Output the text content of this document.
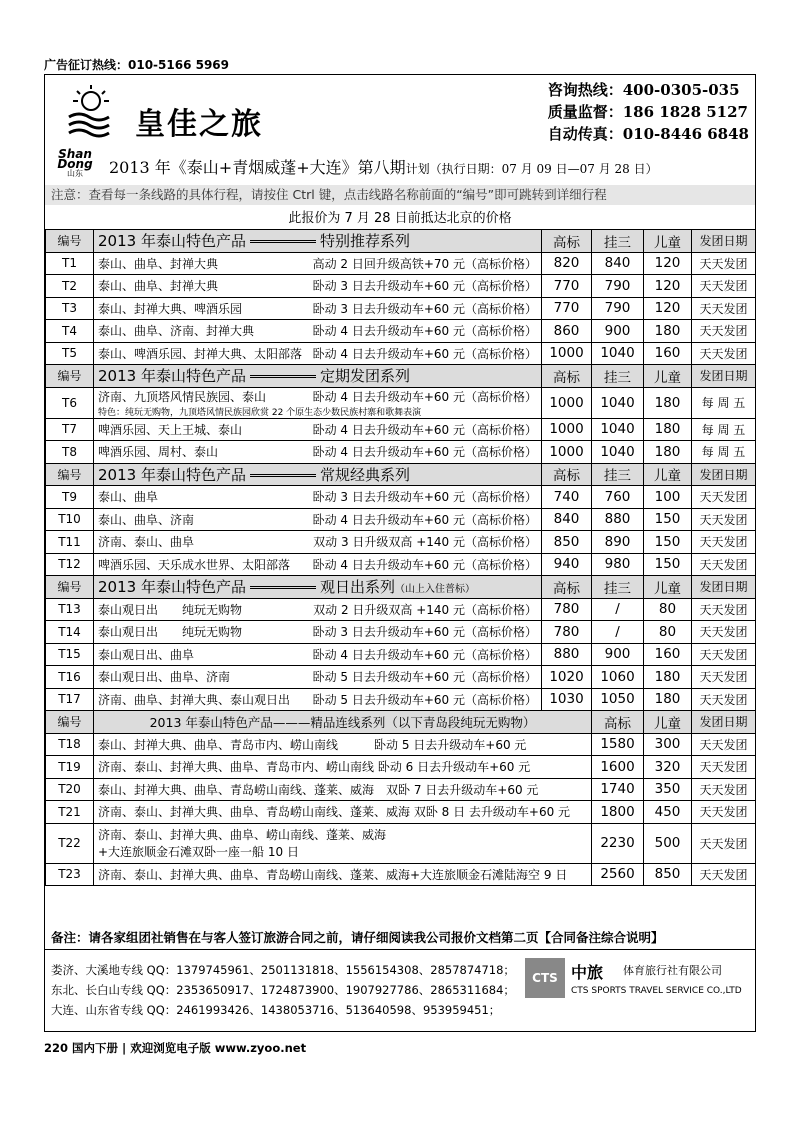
广告征订热线：010-5166 5969
皇佳之旅
咨询热线：400-0305-035
质量监督：186 1828 5127
自动传真：010-8446 6848
Shan
Dong
山东	2013 年《泰山+青烟威蓬+大连》第八期计划（执行日期：07 月 09 日—07 月 28 日）
注意：查看每一条线路的具体行程，请按住 Ctrl 键，点击线路名称前面的“编号”即可跳转到详细行程
此报价为 7 月 28 日前抵达北京的价格
编号	2013 年泰山特色产品 特别推荐系列	高标	挂三	儿童	发团日期
T1	泰山、曲阜、封禅大典 高动 2 日回升级高铁+70 元（高标价格）	820	840	120	天天发团
T2	泰山、曲阜、封禅大典 卧动 3 日去升级动车+60 元（高标价格）	770	790	120	天天发团
T3	泰山、封禅大典、啤酒乐园 卧动 3 日去升级动车+60 元（高标价格）	770	790	120	天天发团
T4	泰山、曲阜、济南、封禅大典 卧动 4 日去升级动车+60 元（高标价格）	860	900	180	天天发团
T5	泰山、啤酒乐园、封禅大典、太阳部落 卧动 4 日去升级动车+60 元（高标价格）	1000	1040	160	天天发团
编号	2013 年泰山特色产品 定期发团系列	高标	挂三	儿童	发团日期
T6	济南、九顶塔风情民族园、泰山 卧动 4 日去升级动车+60 元（高标价格）
特色：纯玩无购物，九顶塔风情民族园欣赏 22 个原生态少数民族村寨和歌舞表演	1000	1040	180	每 周 五
T7	啤酒乐园、天上王城、泰山 卧动 4 日去升级动车+60 元（高标价格）	1000	1040	180	每 周 五
T8	啤酒乐园、周村、泰山 卧动 4 日去升级动车+60 元（高标价格）	1000	1040	180	每 周 五
编号	2013 年泰山特色产品 常规经典系列	高标	挂三	儿童	发团日期
T9	泰山、曲阜 卧动 3 日去升级动车+60 元（高标价格）	740	760	100	天天发团
T10	泰山、曲阜、济南 卧动 4 日去升级动车+60 元（高标价格）	840	880	150	天天发团
T11	济南、泰山、曲阜 双动 3 日升级双高 +140 元（高标价格）	850	890	150	天天发团
T12	啤酒乐园、天乐成水世界、太阳部落 卧动 4 日去升级动车+60 元（高标价格）	940	980	150	天天发团
编号	2013 年泰山特色产品 观日出系列（山上入住普标）	高标	挂三	儿童	发团日期
T13	泰山观日出　　纯玩无购物 双动 2 日升级双高 +140 元（高标价格）	780	/	80	天天发团
T14	泰山观日出　　纯玩无购物 卧动 3 日去升级动车+60 元（高标价格）	780	/	80	天天发团
T15	泰山观日出、曲阜 卧动 4 日去升级动车+60 元（高标价格）	880	900	160	天天发团
T16	泰山观日出、曲阜、济南 卧动 5 日去升级动车+60 元（高标价格）	1020	1060	180	天天发团
T17	济南、曲阜、封禅大典、泰山观日出 卧动 5 日去升级动车+60 元（高标价格）	1030	1050	180	天天发团
编号	2013 年泰山特色产品———精品连线系列（以下青岛段纯玩无购物）		高标	儿童	发团日期
T18	泰山、封禅大典、曲阜、青岛市内、崂山南线　　　卧动 5 日去升级动车+60 元		1580	300	天天发团
T19	济南、泰山、封禅大典、曲阜、青岛市内、崂山南线 卧动 6 日去升级动车+60 元		1600	320	天天发团
T20	泰山、封禅大典、曲阜、青岛崂山南线、蓬莱、威海　双卧 7 日去升级动车+60 元		1740	350	天天发团
T21	济南、泰山、封禅大典、曲阜、青岛崂山南线、蓬莱、威海 双卧 8 日 去升级动车+60 元		1800	450	天天发团
T22	济南、泰山、封禅大典、曲阜、崂山南线、蓬莱、威海
+大连旅顺金石滩双卧一座一船 10 日		2230	500	天天发团
T23	济南、泰山、封禅大典、曲阜、青岛崂山南线、蓬莱、威海+大连旅顺金石滩陆海空 9 日		2560	850	天天发团
备注：请各家组团社销售在与客人签订旅游合同之前，请仔细阅读我公司报价文档第二页【合同备注综合说明】
娄济、大溪地专线 QQ：1379745961、2501131818、1556154308、2857874718；
东北、长白山专线 QQ：2353650917、1724873900、1907927786、2865311684；
大连、山东省专线 QQ：2461993426、1438053716、513640598、953959451；
CTS 中旅 体育旅行社有限公司
CTS SPORTS TRAVEL SERVICE CO.,LTD
220 国内下册 | 欢迎浏览电子版 www.zyoo.net
